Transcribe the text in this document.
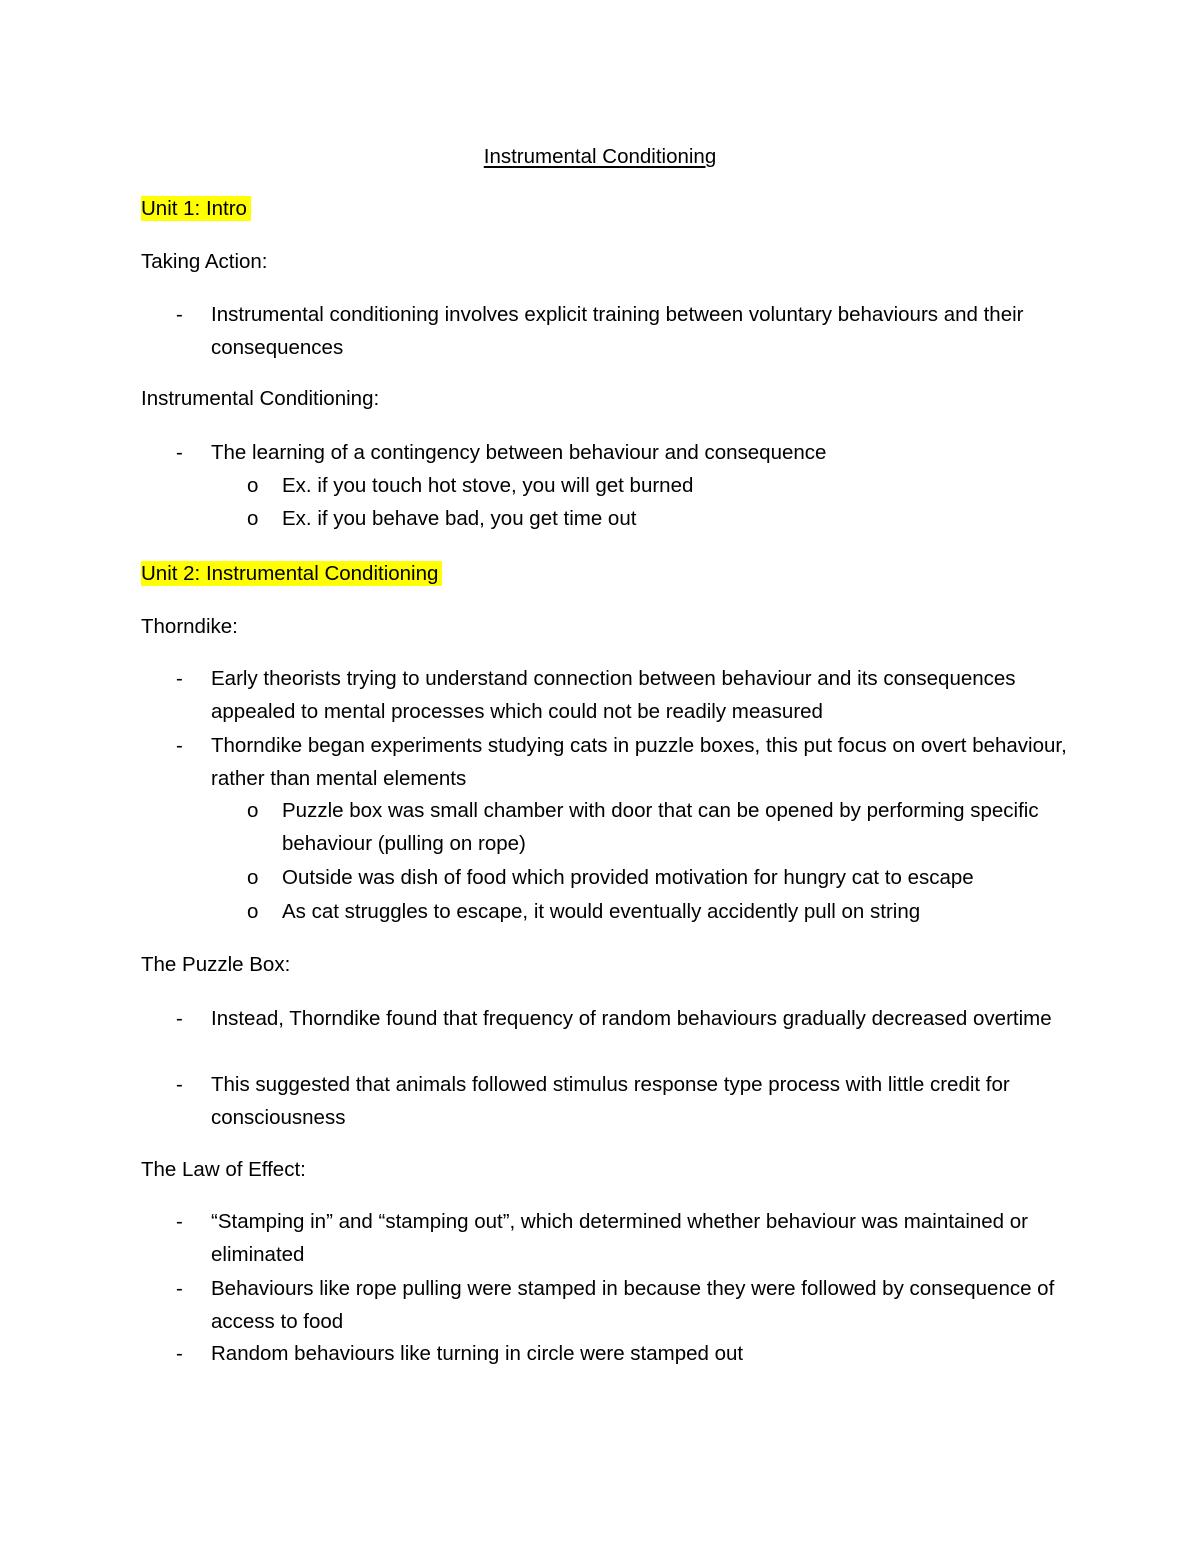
Instrumental Conditioning
Unit 1: Intro
Taking Action:
-	Instrumental conditioning involves explicit training between voluntary behaviours and their consequences
Instrumental Conditioning:
-	The learning of a contingency between behaviour and consequence
o	Ex. if you touch hot stove, you will get burned
o	Ex. if you behave bad, you get time out
Unit 2: Instrumental Conditioning
Thorndike:
-	Early theorists trying to understand connection between behaviour and its consequences appealed to mental processes which could not be readily measured
-	Thorndike began experiments studying cats in puzzle boxes, this put focus on overt behaviour, rather than mental elements
o	Puzzle box was small chamber with door that can be opened by performing specific behaviour (pulling on rope)
o	Outside was dish of food which provided motivation for hungry cat to escape
o	As cat struggles to escape, it would eventually accidently pull on string
The Puzzle Box:
-	Instead, Thorndike found that frequency of random behaviours gradually decreased overtime
-	This suggested that animals followed stimulus response type process with little credit for consciousness
The Law of Effect:
-	“Stamping in” and “stamping out”, which determined whether behaviour was maintained or eliminated
-	Behaviours like rope pulling were stamped in because they were followed by consequence of access to food
-	Random behaviours like turning in circle were stamped out
